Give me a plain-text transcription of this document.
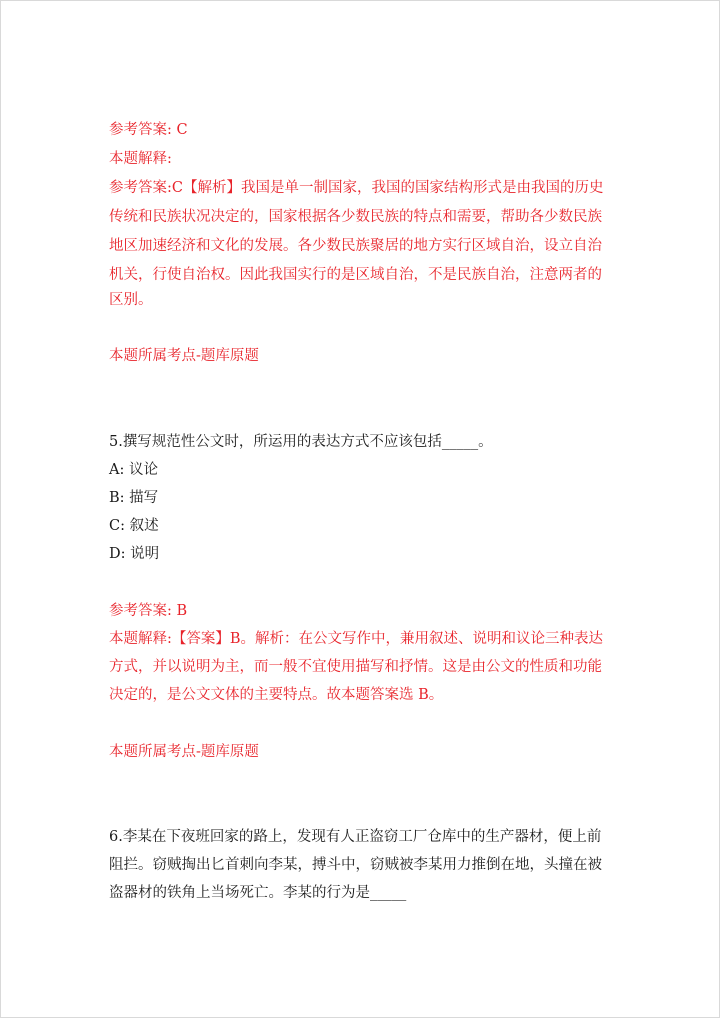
参考答案: C
本题解释:
参考答案:C【解析】我国是单一制国家，我国的国家结构形式是由我国的历史
传统和民族状况决定的，国家根据各少数民族的特点和需要，帮助各少数民族
地区加速经济和文化的发展。各少数民族聚居的地方实行区域自治，设立自治
机关，行使自治权。因此我国实行的是区域自治，不是民族自治，注意两者的
区别。
本题所属考点-题库原题
5.撰写规范性公文时，所运用的表达方式不应该包括_____。
A: 议论
B: 描写
C: 叙述
D: 说明
参考答案: B
本题解释:【答案】B。解析：在公文写作中，兼用叙述、说明和议论三种表达
方式，并以说明为主，而一般不宜使用描写和抒情。这是由公文的性质和功能
决定的，是公文文体的主要特点。故本题答案选 B。
本题所属考点-题库原题
6.李某在下夜班回家的路上，发现有人正盗窃工厂仓库中的生产器材，便上前
阻拦。窃贼掏出匕首刺向李某，搏斗中，窃贼被李某用力推倒在地，头撞在被
盗器材的铁角上当场死亡。李某的行为是_____
